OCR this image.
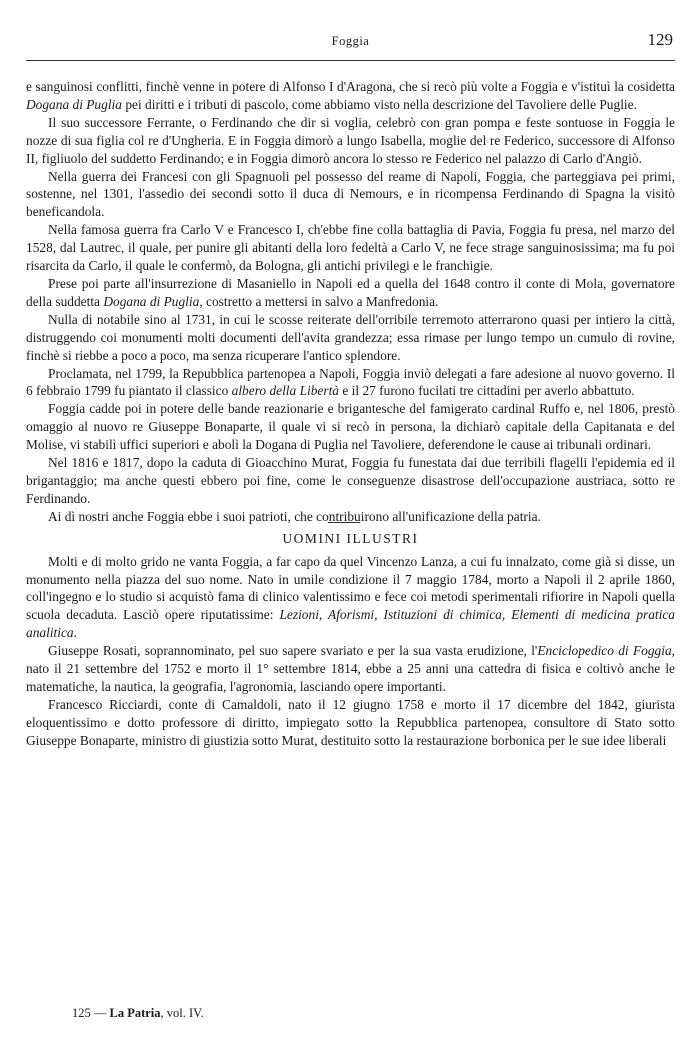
Foggia	129

e sanguinosi conflitti, finchè venne in potere di Alfonso I d'Aragona, che si recò più volte a Foggia e v'istituì la cosidetta Dogana di Puglia pei diritti e i tributi di pascolo, come abbiamo visto nella descrizione del Tavoliere delle Puglie.

Il suo successore Ferrante, o Ferdinando che dir si voglia, celebrò con gran pompa e feste sontuose in Foggia le nozze di sua figlia col re d'Ungheria. E in Foggia dimorò a lungo Isabella, moglie del re Federico, successore di Alfonso II, figliuolo del suddetto Ferdinando; e in Foggia dimorò ancora lo stesso re Federico nel palazzo di Carlo d'Angiò.

Nella guerra dei Francesi con gli Spagnuoli pel possesso del reame di Napoli, Foggia, che parteggiava pei primi, sostenne, nel 1301, l'assedio dei secondi sotto il duca di Nemours, e in ricompensa Ferdinando di Spagna la visitò beneficandola.

Nella famosa guerra fra Carlo V e Francesco I, ch'ebbe fine colla battaglia di Pavia, Foggia fu presa, nel marzo del 1528, dal Lautrec, il quale, per punire gli abitanti della loro fedeltà a Carlo V, ne fece strage sanguinosissima; ma fu poi risarcita da Carlo, il quale le confermò, da Bologna, gli antichi privilegi e le franchigie.

Prese poi parte all'insurrezione di Masaniello in Napoli ed a quella del 1648 contro il conte di Mola, governatore della suddetta Dogana di Puglia, costretto a mettersi in salvo a Manfredonia.

Nulla di notabile sino al 1731, in cui le scosse reiterate dell'orribile terremoto atterrarono quasi per intiero la città, distruggendo coi monumenti molti documenti dell'avita grandezza; essa rimase per lungo tempo un cumulo di rovine, finchè si riebbe a poco a poco, ma senza ricuperare l'antico splendore.

Proclamata, nel 1799, la Repubblica partenopea a Napoli, Foggia inviò delegati a fare adesione al nuovo governo. Il 6 febbraio 1799 fu piantato il classico albero della Libertà e il 27 furono fucilati tre cittadini per averlo abbattuto.

Foggia cadde poi in potere delle bande reazionarie e brigantesche del famigerato cardinal Ruffo e, nel 1806, prestò omaggio al nuovo re Giuseppe Bonaparte, il quale vi si recò in persona, la dichiarò capitale della Capitanata e del Molise, vi stabilì uffici superiori e abolì la Dogana di Puglia nel Tavoliere, deferendone le cause ai tribunali ordinari.

Nel 1816 e 1817, dopo la caduta di Gioacchino Murat, Foggia fu funestata dai due terribili flagelli l'epidemia ed il brigantaggio; ma anche questi ebbero poi fine, come le conseguenze disastrose dell'occupazione austriaca, sotto re Ferdinando.

Ai dì nostri anche Foggia ebbe i suoi patrioti, che contribuirono all'unificazione della patria.

UOMINI ILLUSTRI

Molti e di molto grido ne vanta Foggia, a far capo da quel Vincenzo Lanza, a cui fu innalzato, come già si disse, un monumento nella piazza del suo nome. Nato in umile condizione il 7 maggio 1784, morto a Napoli il 2 aprile 1860, coll'ingegno e lo studio si acquistò fama di clinico valentissimo e fece coi metodi sperimentali rifiorire in Napoli quella scuola decaduta. Lasciò opere riputatissime: Lezioni, Aforismi, Istituzioni di chimica, Elementi di medicina pratica analitica.

Giuseppe Rosati, soprannominato, pel suo sapere svariato e per la sua vasta erudizione, l'Enciclopedico di Foggia, nato il 21 settembre del 1752 e morto il 1° settembre 1814, ebbe a 25 anni una cattedra di fisica e coltivò anche le matematiche, la nautica, la geografia, l'agronomia, lasciando opere importanti.

Francesco Ricciardi, conte di Camaldoli, nato il 12 giugno 1758 e morto il 17 dicembre del 1842, giurista eloquentissimo e dotto professore di diritto, impiegato sotto la Repubblica partenopea, consultore di Stato sotto Giuseppe Bonaparte, ministro di giustizia sotto Murat, destituito sotto la restaurazione borbonica per le sue idee liberali

125 — La Patria, vol. IV.
